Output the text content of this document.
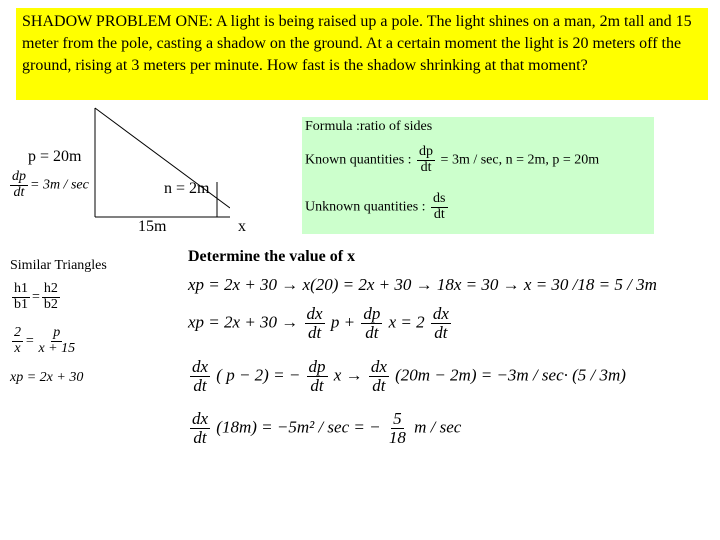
SHADOW PROBLEM ONE: A light is being raised up a pole. The light shines on a man, 2m tall and 15 meter from the pole, casting a shadow on the ground. At a certain moment the light is 20 meters off the ground, rising at 3 meters per minute. How fast is the shadow shrinking at that moment?
p = 20m
n = 2m
15m	x
$\frac{dp}{dt} = 3m / \sec$
Formula :ratio of sides
Known quantities : $\frac{dp}{dt} = 3m / \sec$, n = 2m, p = 20m
Unknown quantities : $\frac{ds}{dt}$
Similar Triangles
$\frac{h1}{b1} = \frac{h2}{b2}$
$\frac{2}{x} = \frac{p}{x + 15}$
xp = 2x + 30
Determine the value of x
xp = 2x + 30 → x(20) = 2x + 30 → 18x = 30 → x = 30 /18 = 5 / 3m
xp = $2x + 30 \to \frac{dx}{dt}$ $p + \frac{dp}{dt}$ $x = 2 \frac{dx}{dt}$
$\frac{dx}{dt}$ ( p − 2) = − $\frac{dp}{dt}$ $x \to \frac{dx}{dt} (20m - 2m) = -3m / \sec\cdot (5 / 3m)$
$\frac{dx}{dt} (18m) = -5m^2 / \sec$ = − $\frac{5}{18}$ m / sec
